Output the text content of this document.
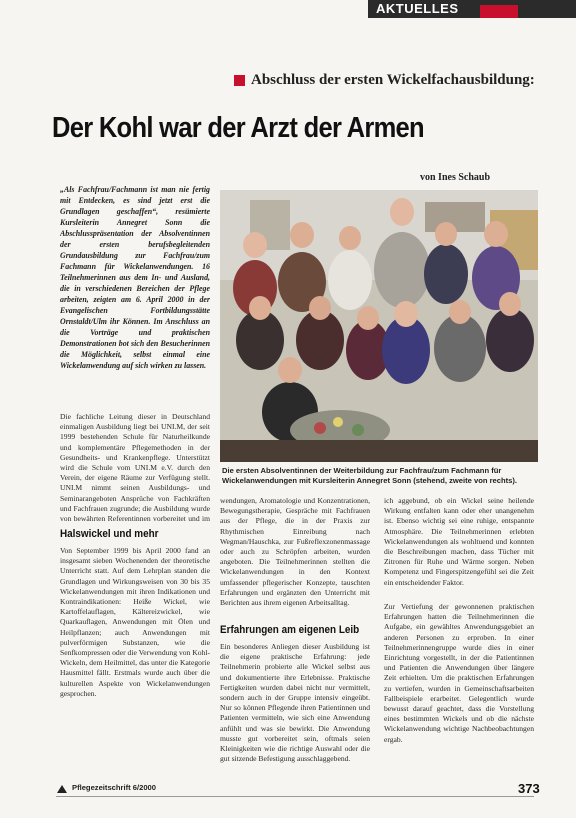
AKTUELLES
Abschluss der ersten Wickelfachausbildung:
Der Kohl war der Arzt der Armen
von Ines Schaub
„Als Fachfrau/Fachmann ist man nie fertig mit Entdecken, es sind jetzt erst die Grundlagen geschaffen“, resümierte Kursleiterin Annegret Sonn die Abschlusspräsentation der Absolventinnen der ersten berufsbegleitenden Grundausbildung zur Fachfrau/zum Fachmann für Wickelanwendungen. 16 Teilnehmerinnen aus dem In- und Ausland, die in verschiedenen Bereichen der Pflege arbeiten, zeigten am 6. April 2000 in der Evangelischen Fortbildungsstätte Ornstaldt/Ulm ihr Können. Im Anschluss an die Vorträge und praktischen Demonstrationen bot sich den Besucherinnen die Möglichkeit, selbst einmal eine Wickelanwendung auf sich wirken zu lassen.
Die ersten Absolventinnen der Weiterbildung zur Fachfrau/zum Fachmann für Wickelanwendungen mit Kursleiterin Annegret Sonn (stehend, zweite von rechts).
Die fachliche Leitung dieser in Deutschland einmaligen Ausbildung liegt bei UNI.M, der seit 1999 bestehenden Schule für Naturheilkunde und komplementäre Pflegemethoden in der Gesundheits- und Krankenpflege. Unterstützt wird die Schule vom UNI.M e.V. durch den Verein, der eigene Räume zur Verfügung stellt. UNI.M nimmt seinen Ausbildungs- und Seminarangeboten Ansprüche von Fachkräften und Fachfrauen zugrunde; die Ausbildung wurde von bewährten Referentinnen vorbereitet und im
Halswickel und mehr
Von September 1999 bis April 2000 fand an insgesamt sieben Wochenenden der theoretische Unterricht statt. Auf dem Lehrplan standen die Grundlagen und Wirkungsweisen von 30 bis 35 Wickelanwendungen mit ihren Indikationen und Kontraindikationen: Heiße Wickel, wie Kartoffelauflagen, Kältereizwickel, wie Quarkauflagen, Anwendungen mit Ölen und Heilpflanzen; auch Anwendungen mit pulverförmigen Substanzen, wie die Senfkompressen oder die Verwendung von Kohl-Wickeln, dem Heilmittel, das unter die Kategorie Hausmittel fällt. Erstmals wurde auch über die kulturellen Aspekte von Wickelanwendungen gesprochen.
wendungen, Aromatologie und Konzentrationen, Bewegungstherapie, Gespräche mit Fachfrauen aus der Pflege, die in der Praxis zur Rhythmischen Einreibung nach Wegman/Hauschka, zur Fußreflexzonenmassage oder auch zu Schröpfen arbeiten, wurden angeboten. Die Teilnehmerinnen stellten die Wickelanwendungen in den Kontext umfassender pflegerischer Konzepte, tauschten Erfahrungen und ergänzten den Unterricht mit Berichten aus ihrem eigenen Arbeitsalltag.
Erfahrungen am eigenen Leib
Ein besonderes Anliegen dieser Ausbildung ist die eigene praktische Erfahrung: jede Teilnehmerin probierte alle Wickel selbst aus und dokumentierte ihre Erlebnisse. Praktische Fertigkeiten wurden dabei nicht nur vermittelt, sondern auch in der Gruppe intensiv eingeübt. Nur so können Pflegende ihren Patientinnen und Patienten vermitteln, wie sich eine Anwendung anfühlt und was sie bewirkt. Die Anwendung musste gut vorbereitet sein, oftmals seien Kleinigkeiten wie die richtige Auswahl oder die gut sitzende Befestigung ausschlaggebend.
ich aggebund, ob ein Wickel seine heilende Wirkung entfalten kann oder eher unangenehm ist. Ebenso wichtig sei eine ruhige, entspannte Atmosphäre. Die Teilnehmerinnen erlebten Wickelanwendungen als wohltuend und konnten die Beschreibungen machen, dass Tücher mit Zitronen für Ruhe und Wärme sorgen. Neben Kompetenz und Fingerspitzengefühl sei die Zeit ein entscheidender Faktor.
Zur Vertiefung der gewonnenen praktischen Erfahrungen hatten die Teilnehmerinnen die Aufgabe, ein gewähltes Anwendungsgebiet an anderen Personen zu erproben. In einer Teilnehmerinnengruppe wurde dies in einer Einrichtung vorgestellt, in der die Patientinnen und Patienten die Anwendungen über längere Zeit erhielten. Um die praktischen Erfahrungen zu vertiefen, wurden in Gemeinschaftsarbeiten Fallbeispiele erarbeitet. Gelegentlich wurde bewusst darauf geachtet, dass die Vorstellung eines bestimmten Wickels und ob die nächste Wickelanwendung wichtige Nachbeobachtungen ergab.
Pflegezeitschrift 6/2000	373
